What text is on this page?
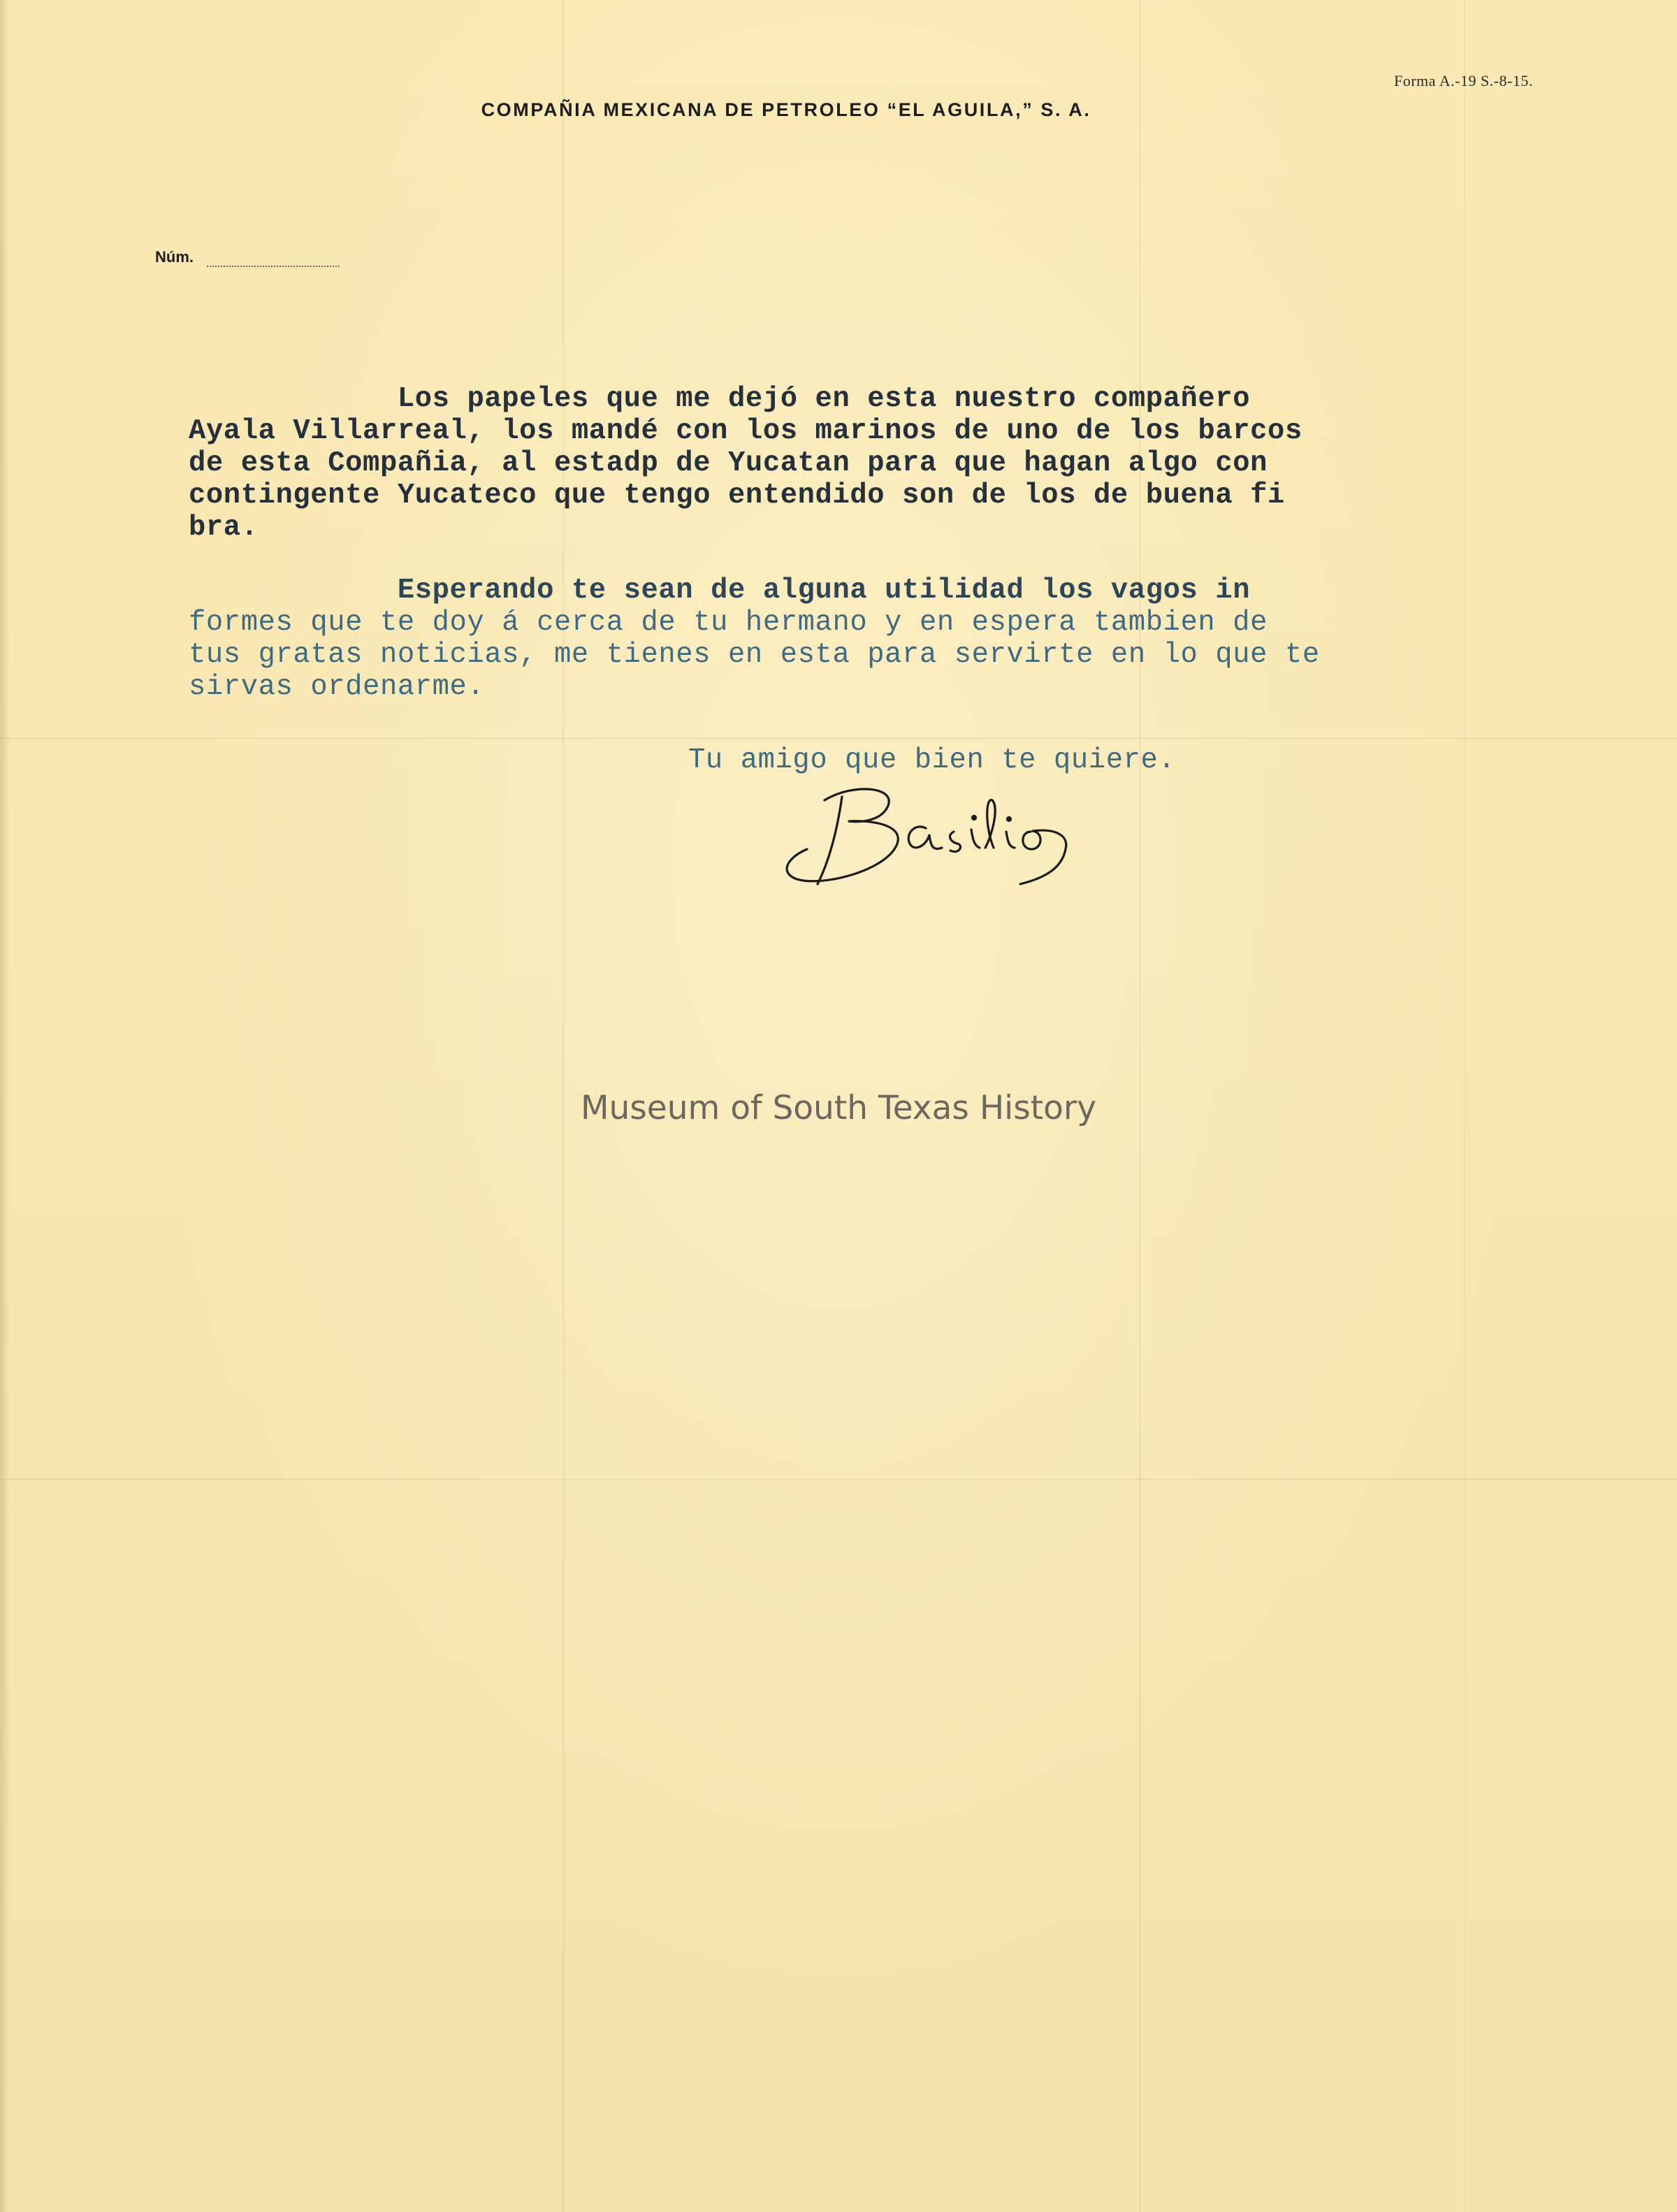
Forma A.-19 S.-8-15.
COMPAÑIA MEXICANA DE PETROLEO “EL AGUILA,” S. A.
Núm.
Los papeles que me dejó en esta nuestro compañero
Ayala Villarreal, los mandé con los marinos de uno de los barcos
de esta Compañia, al estadp de Yucatan para que hagan algo con
contingente Yucateco que tengo entendido son de los de buena fi
bra.
Esperando te sean de alguna utilidad los vagos in
formes que te doy á cerca de tu hermano y en espera tambien de
tus gratas noticias, me tienes en esta para servirte en lo que te
sirvas ordenarme.
Tu amigo que bien te quiere.
Museum of South Texas History
